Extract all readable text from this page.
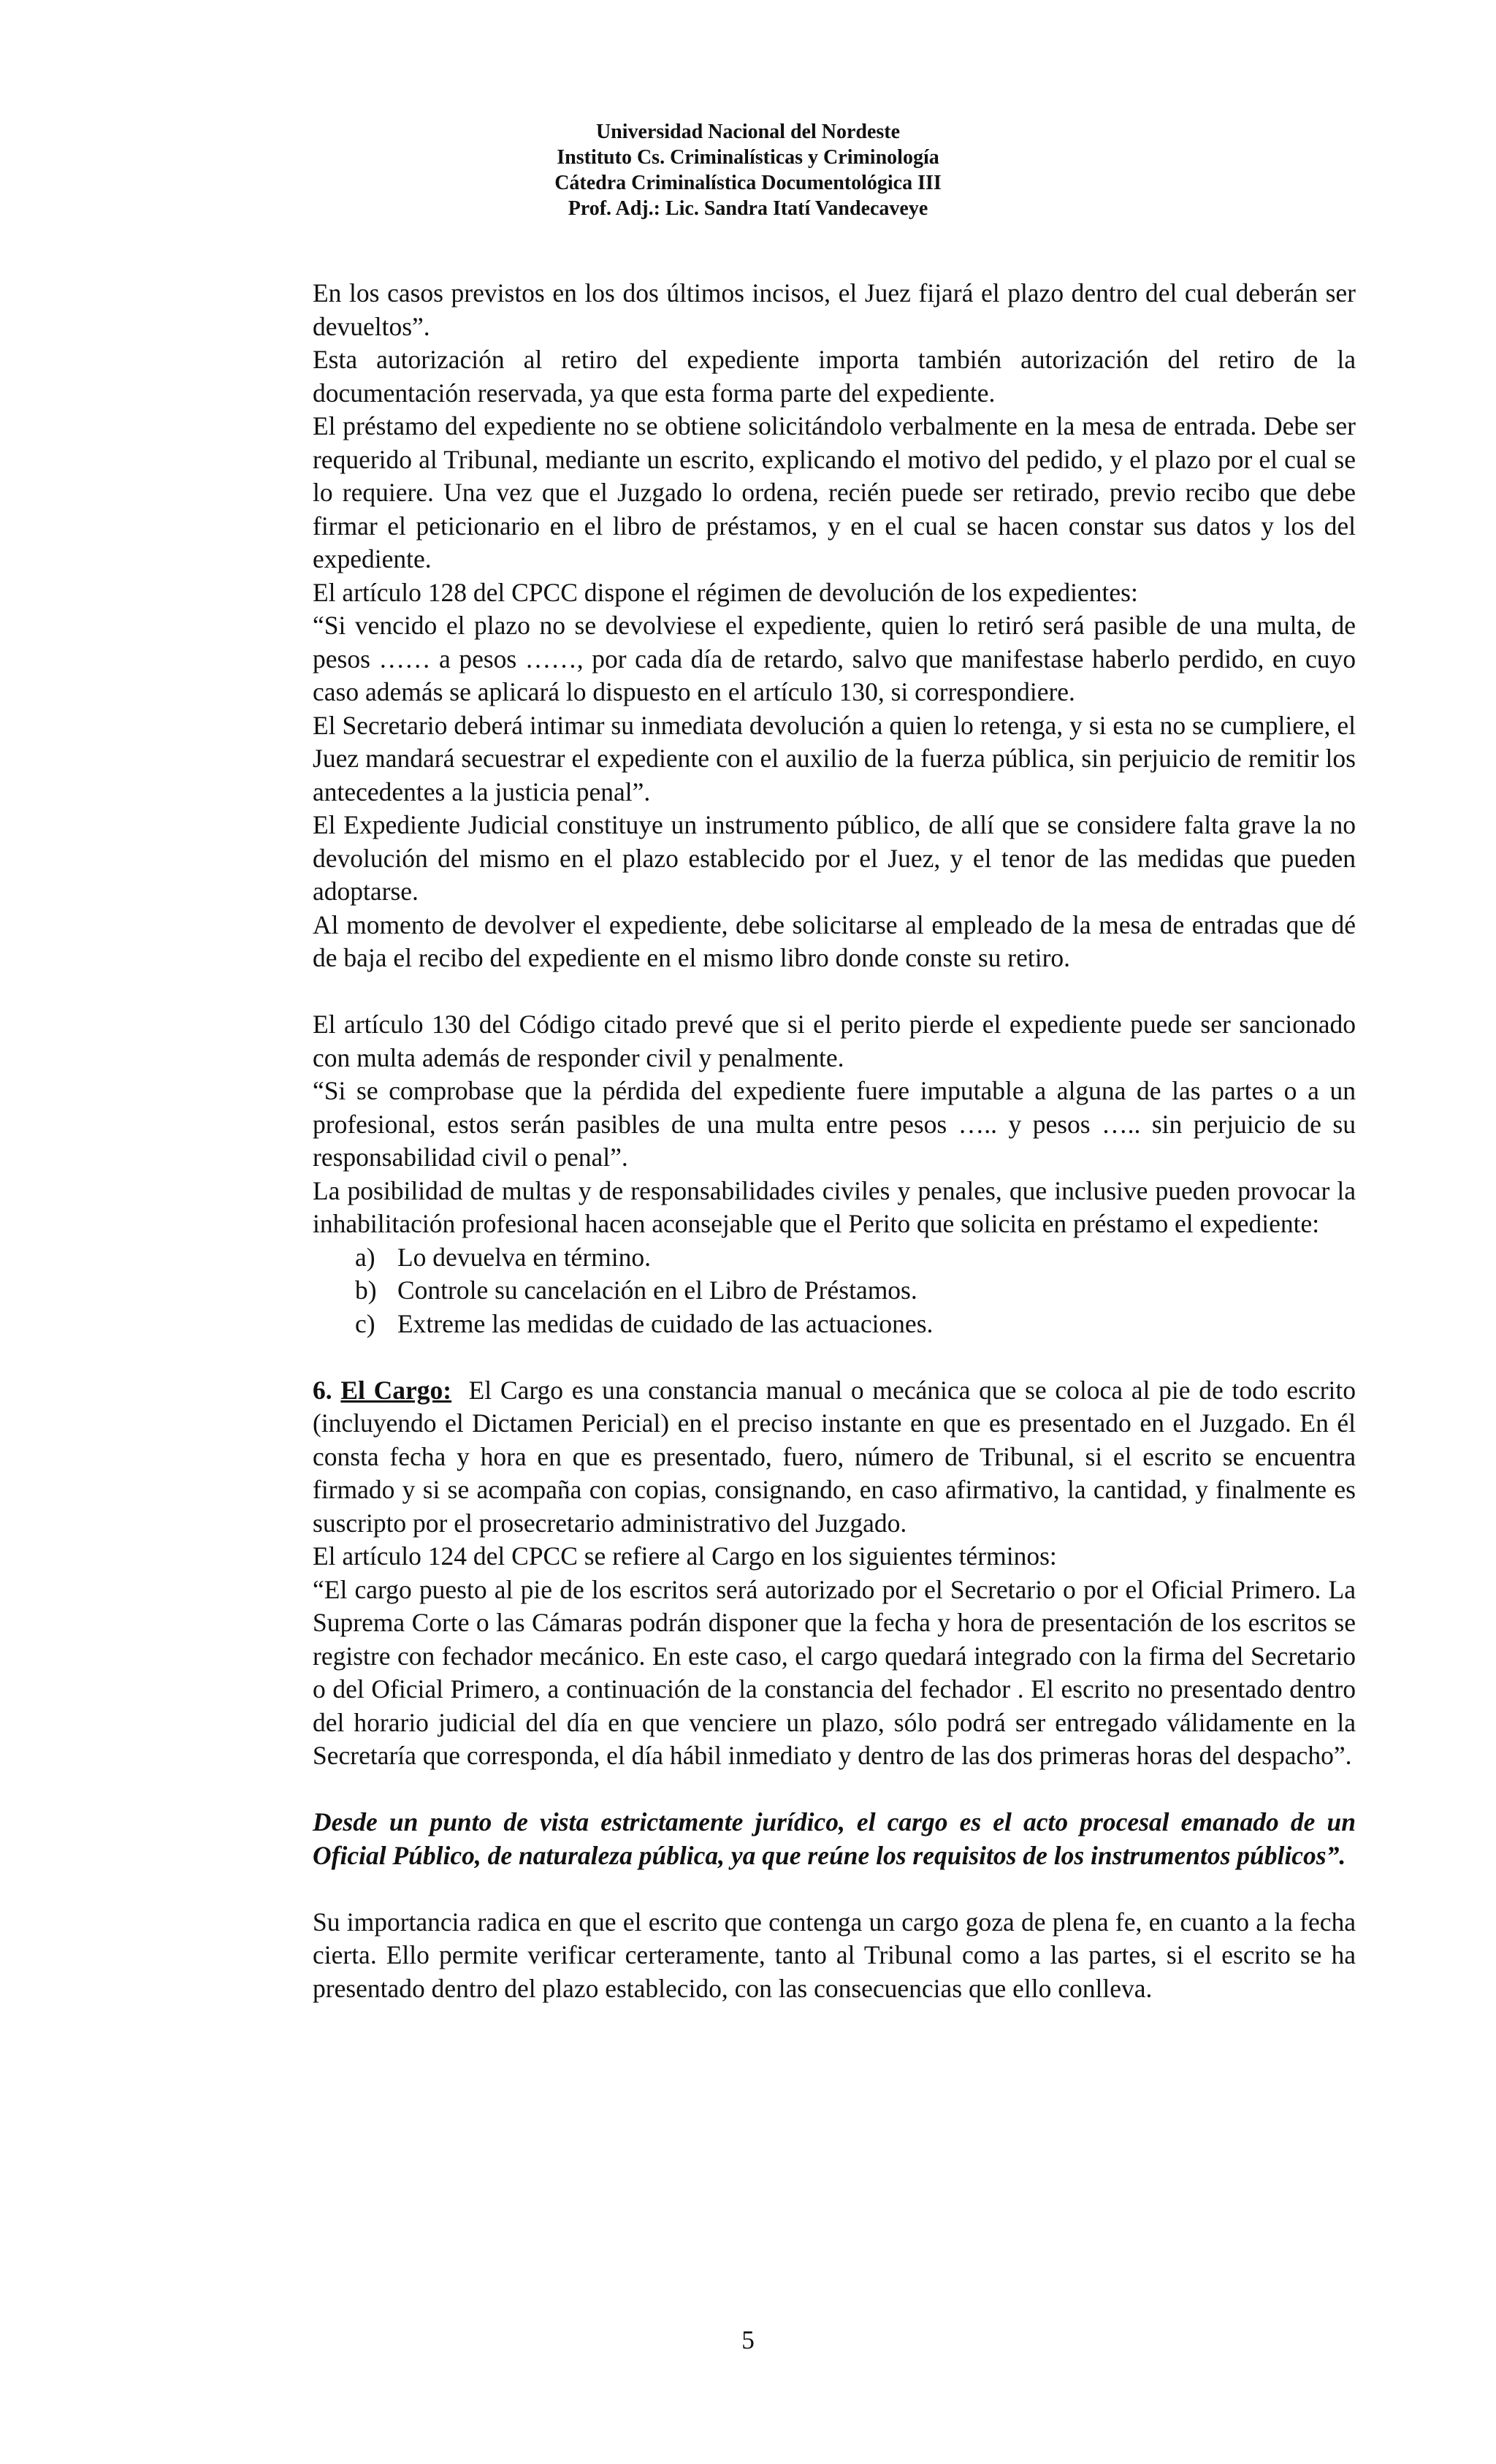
Universidad Nacional del Nordeste
Instituto Cs. Criminalísticas y Criminología
Cátedra Criminalística Documentológica III
Prof. Adj.: Lic. Sandra Itatí Vandecaveye

En los casos previstos en los dos últimos incisos, el Juez fijará el plazo dentro del cual deberán ser devueltos”.

Esta autorización al retiro del expediente importa también autorización del retiro de la documentación reservada, ya que esta forma parte del expediente.

El préstamo del expediente no se obtiene solicitándolo verbalmente en la mesa de entrada. Debe ser requerido al Tribunal, mediante un escrito, explicando el motivo del pedido, y el plazo por el cual se lo requiere. Una vez que el Juzgado lo ordena, recién puede ser retirado, previo recibo que debe firmar el peticionario en el libro de préstamos, y en el cual se hacen constar sus datos y los del expediente.

El artículo 128 del CPCC dispone el régimen de devolución de los expedientes:

“Si vencido el plazo no se devolviese el expediente, quien lo retiró será pasible de una multa, de pesos …… a pesos ……, por cada día de retardo, salvo que manifestase haberlo perdido, en cuyo caso además se aplicará lo dispuesto en el artículo 130, si correspondiere.

El Secretario deberá intimar su inmediata devolución a quien lo retenga, y si esta no se cumpliere, el Juez mandará secuestrar el expediente con el auxilio de la fuerza pública, sin perjuicio de remitir los antecedentes a la justicia penal”.

El Expediente Judicial constituye un instrumento público, de allí que se considere falta grave la no devolución del mismo en el plazo establecido por el Juez, y el tenor de las medidas que pueden adoptarse.

Al momento de devolver el expediente, debe solicitarse al empleado de la mesa de entradas que dé de baja el recibo del expediente en el mismo libro donde conste su retiro.

El artículo 130 del Código citado prevé que si el perito pierde el expediente puede ser sancionado con multa además de responder civil y penalmente.

“Si se comprobase que la pérdida del expediente fuere imputable a alguna de las partes o a un profesional, estos serán pasibles de una multa entre pesos ….. y pesos ….. sin perjuicio de su responsabilidad civil o penal”.

La posibilidad de multas y de responsabilidades civiles y penales, que inclusive pueden provocar la inhabilitación profesional hacen aconsejable que el Perito que solicita en préstamo el expediente:

a) Lo devuelva en término.
b) Controle su cancelación en el Libro de Préstamos.
c) Extreme las medidas de cuidado de las actuaciones.

6. El Cargo:  El Cargo es una constancia manual o mecánica que se coloca al pie de todo escrito (incluyendo el Dictamen Pericial) en el preciso instante en que es presentado en el Juzgado. En él consta fecha y hora en que es presentado, fuero, número de Tribunal, si el escrito se encuentra firmado y si se acompaña con copias, consignando, en caso afirmativo, la cantidad, y finalmente es suscripto por el prosecretario administrativo del Juzgado.

El artículo 124 del CPCC se refiere al Cargo en los siguientes términos:

“El cargo puesto al pie de los escritos será autorizado por el Secretario o por el Oficial Primero. La Suprema Corte o las Cámaras podrán disponer que la fecha y hora de presentación de los escritos se registre con fechador mecánico. En este caso, el cargo quedará integrado con la firma del Secretario o del Oficial Primero, a continuación de la constancia del fechador . El escrito no presentado dentro del horario judicial del día en que venciere un plazo, sólo podrá ser entregado válidamente en la Secretaría que corresponda, el día hábil inmediato y dentro de las dos primeras horas del despacho”.

Desde un punto de vista estrictamente jurídico, el cargo es el acto procesal emanado de un Oficial Público, de naturaleza pública, ya que reúne los requisitos de los instrumentos públicos”.

Su importancia radica en que el escrito que contenga un cargo goza de plena fe, en cuanto a la fecha cierta. Ello permite verificar certeramente, tanto al Tribunal como a las partes, si el escrito se ha presentado dentro del plazo establecido, con las consecuencias que ello conlleva.

5
